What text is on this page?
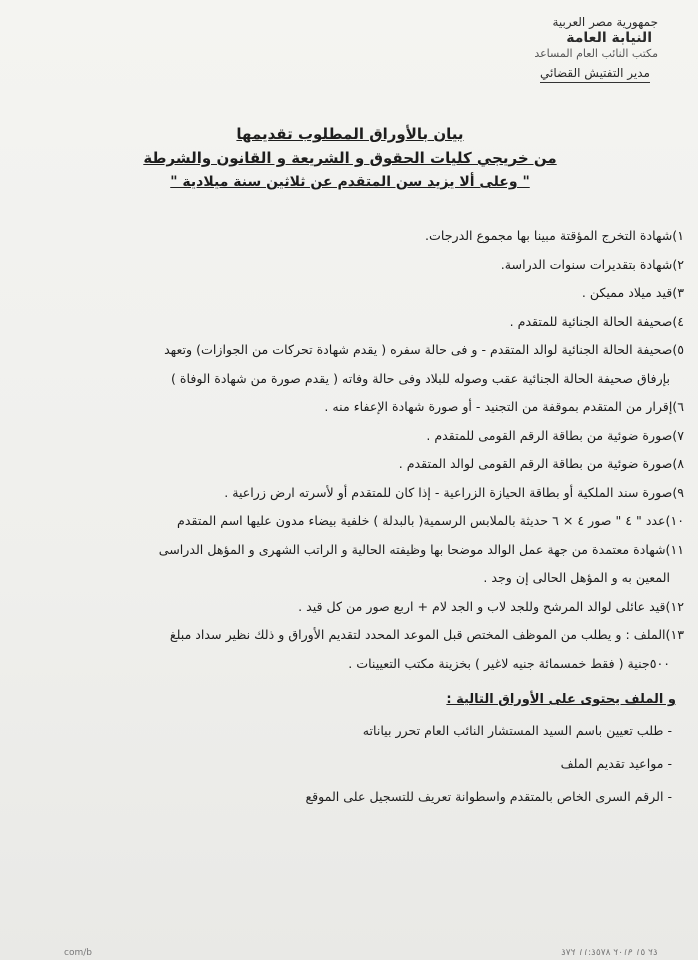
جمهورية مصر العربية
النيابة العامة
مكتب النائب العام المساعد
مدير التفتيش القضائي
بيان بالأوراق المطلوب تقديمها
من خريجي كليات الحقوق و الشريعة و القانون والشرطة
" وعلى ألا يزيد سن المتقدم عن ثلاثين سنة ميلادية "
١)شهادة التخرج المؤقتة مبينا بها مجموع الدرجات.
٢)شهادة بتقديرات سنوات الدراسة.
٣)قيد ميلاد مميكن .
٤)صحيفة الحالة الجنائية للمتقدم .
٥)صحيفة الحالة الجنائية لوالد المتقدم - و فى حالة سفره ( يقدم شهادة تحركات من الجوازات) وتعهد
بإرفاق صحيفة الحالة الجنائية عقب وصوله للبلاد وفى حالة وفاته ( يقدم صورة من شهادة الوفاة )
٦)إقرار من المتقدم بموقفة من التجنيد - أو صورة شهادة الإعفاء منه .
٧)صورة ضوئية من بطاقة الرقم القومى للمتقدم .
٨)صورة ضوئية من بطاقة الرقم القومى لوالد المتقدم .
٩)صورة سند الملكية أو بطاقة الحيازة الزراعية - إذا كان للمتقدم أو لأسرته ارض زراعية .
١٠)عدد " ٤ " صور ٤ × ٦ حديثة بالملابس الرسمية( بالبدلة ) خلفية بيضاء مدون عليها اسم المتقدم
١١)شهادة معتمدة من جهة عمل الوالد موضحا بها وظيفته الحالية و الراتب الشهرى و المؤهل الدراسى
المعين به و المؤهل الحالى إن وجد .
١٢)قيد عائلى لوالد المرشح وللجد لاب و الجد لام + اربع صور من كل قيد .
١٣)الملف : و يطلب من الموظف المختص قبل الموعد المحدد لتقديم الأوراق و ذلك نظير سداد مبلغ
٥٠٠جنية ( فقط خمسمائة جنيه لاغير ) بخزينة مكتب التعيينات .
و الملف يحتوى على الأوراق التالية :
- طلب تعيين باسم السيد المستشار النائب العام تحرر بياناته
- مواعيد تقديم الملف
- الرقم السرى الخاص بالمتقدم واسطوانة تعريف للتسجيل على الموقع
com/b	٢٧٤ ٨٧٥٤:١١ ٩١٠٢ ٥١ ٤٢
